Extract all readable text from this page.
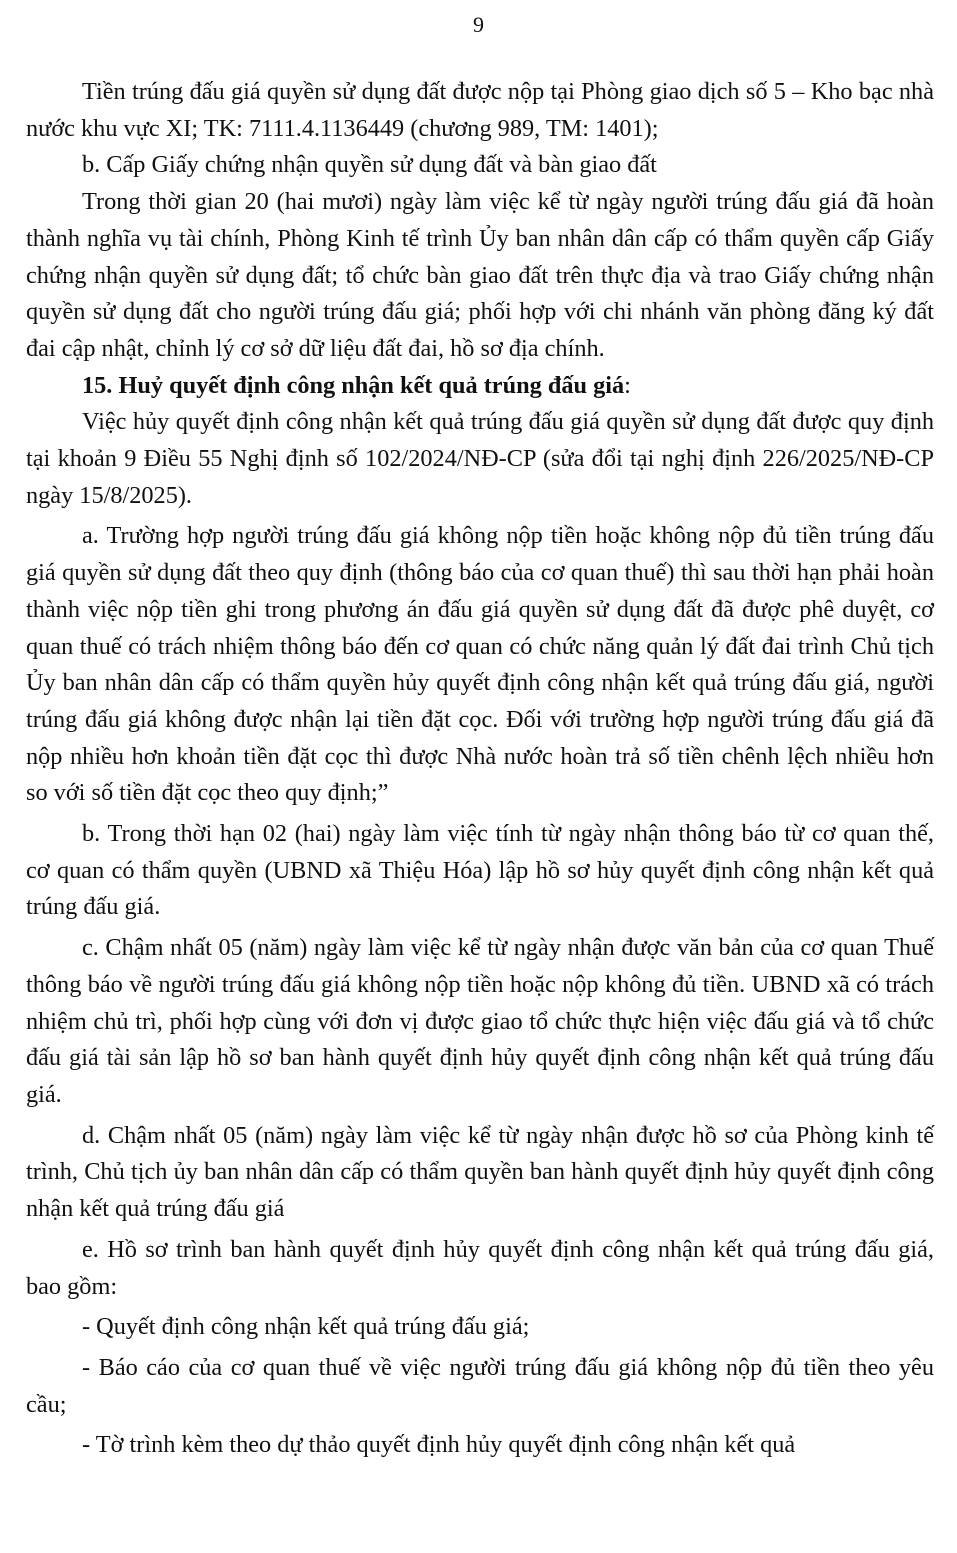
9

Tiền trúng đấu giá quyền sử dụng đất được nộp tại Phòng giao dịch số 5 – Kho bạc nhà nước khu vực XI; TK: 7111.4.1136449 (chương 989, TM: 1401);

b. Cấp Giấy chứng nhận quyền sử dụng đất và bàn giao đất

Trong thời gian 20 (hai mươi) ngày làm việc kể từ ngày người trúng đấu giá đã hoàn thành nghĩa vụ tài chính, Phòng Kinh tế trình Ủy ban nhân dân cấp có thẩm quyền cấp Giấy chứng nhận quyền sử dụng đất; tổ chức bàn giao đất trên thực địa và trao Giấy chứng nhận quyền sử dụng đất cho người trúng đấu giá; phối hợp với chi nhánh văn phòng đăng ký đất đai cập nhật, chỉnh lý cơ sở dữ liệu đất đai, hồ sơ địa chính.

15. Huỷ quyết định công nhận kết quả trúng đấu giá:

Việc hủy quyết định công nhận kết quả trúng đấu giá quyền sử dụng đất được quy định tại khoản 9 Điều 55 Nghị định số 102/2024/NĐ-CP (sửa đổi tại nghị định 226/2025/NĐ-CP ngày 15/8/2025).

a. Trường hợp người trúng đấu giá không nộp tiền hoặc không nộp đủ tiền trúng đấu giá quyền sử dụng đất theo quy định (thông báo của cơ quan thuế) thì sau thời hạn phải hoàn thành việc nộp tiền ghi trong phương án đấu giá quyền sử dụng đất đã được phê duyệt, cơ quan thuế có trách nhiệm thông báo đến cơ quan có chức năng quản lý đất đai trình Chủ tịch Ủy ban nhân dân cấp có thẩm quyền hủy quyết định công nhận kết quả trúng đấu giá, người trúng đấu giá không được nhận lại tiền đặt cọc. Đối với trường hợp người trúng đấu giá đã nộp nhiều hơn khoản tiền đặt cọc thì được Nhà nước hoàn trả số tiền chênh lệch nhiều hơn so với số tiền đặt cọc theo quy định;”

b. Trong thời hạn 02 (hai) ngày làm việc tính từ ngày nhận thông báo từ cơ quan thế, cơ quan có thẩm quyền (UBND xã Thiệu Hóa) lập hồ sơ hủy quyết định công nhận kết quả trúng đấu giá.

c. Chậm nhất 05 (năm) ngày làm việc kể từ ngày nhận được văn bản của cơ quan Thuế thông báo về người trúng đấu giá không nộp tiền hoặc nộp không đủ tiền. UBND xã có trách nhiệm chủ trì, phối hợp cùng với đơn vị được giao tổ chức thực hiện việc đấu giá và tổ chức đấu giá tài sản lập hồ sơ ban hành quyết định hủy quyết định công nhận kết quả trúng đấu giá.

d. Chậm nhất 05 (năm) ngày làm việc kể từ ngày nhận được hồ sơ của Phòng kinh tế trình, Chủ tịch ủy ban nhân dân cấp có thẩm quyền ban hành quyết định hủy quyết định công nhận kết quả trúng đấu giá

e. Hồ sơ trình ban hành quyết định hủy quyết định công nhận kết quả trúng đấu giá, bao gồm:

- Quyết định công nhận kết quả trúng đấu giá;

- Báo cáo của cơ quan thuế về việc người trúng đấu giá không nộp đủ tiền theo yêu cầu;

- Tờ trình kèm theo dự thảo quyết định hủy quyết định công nhận kết quả
